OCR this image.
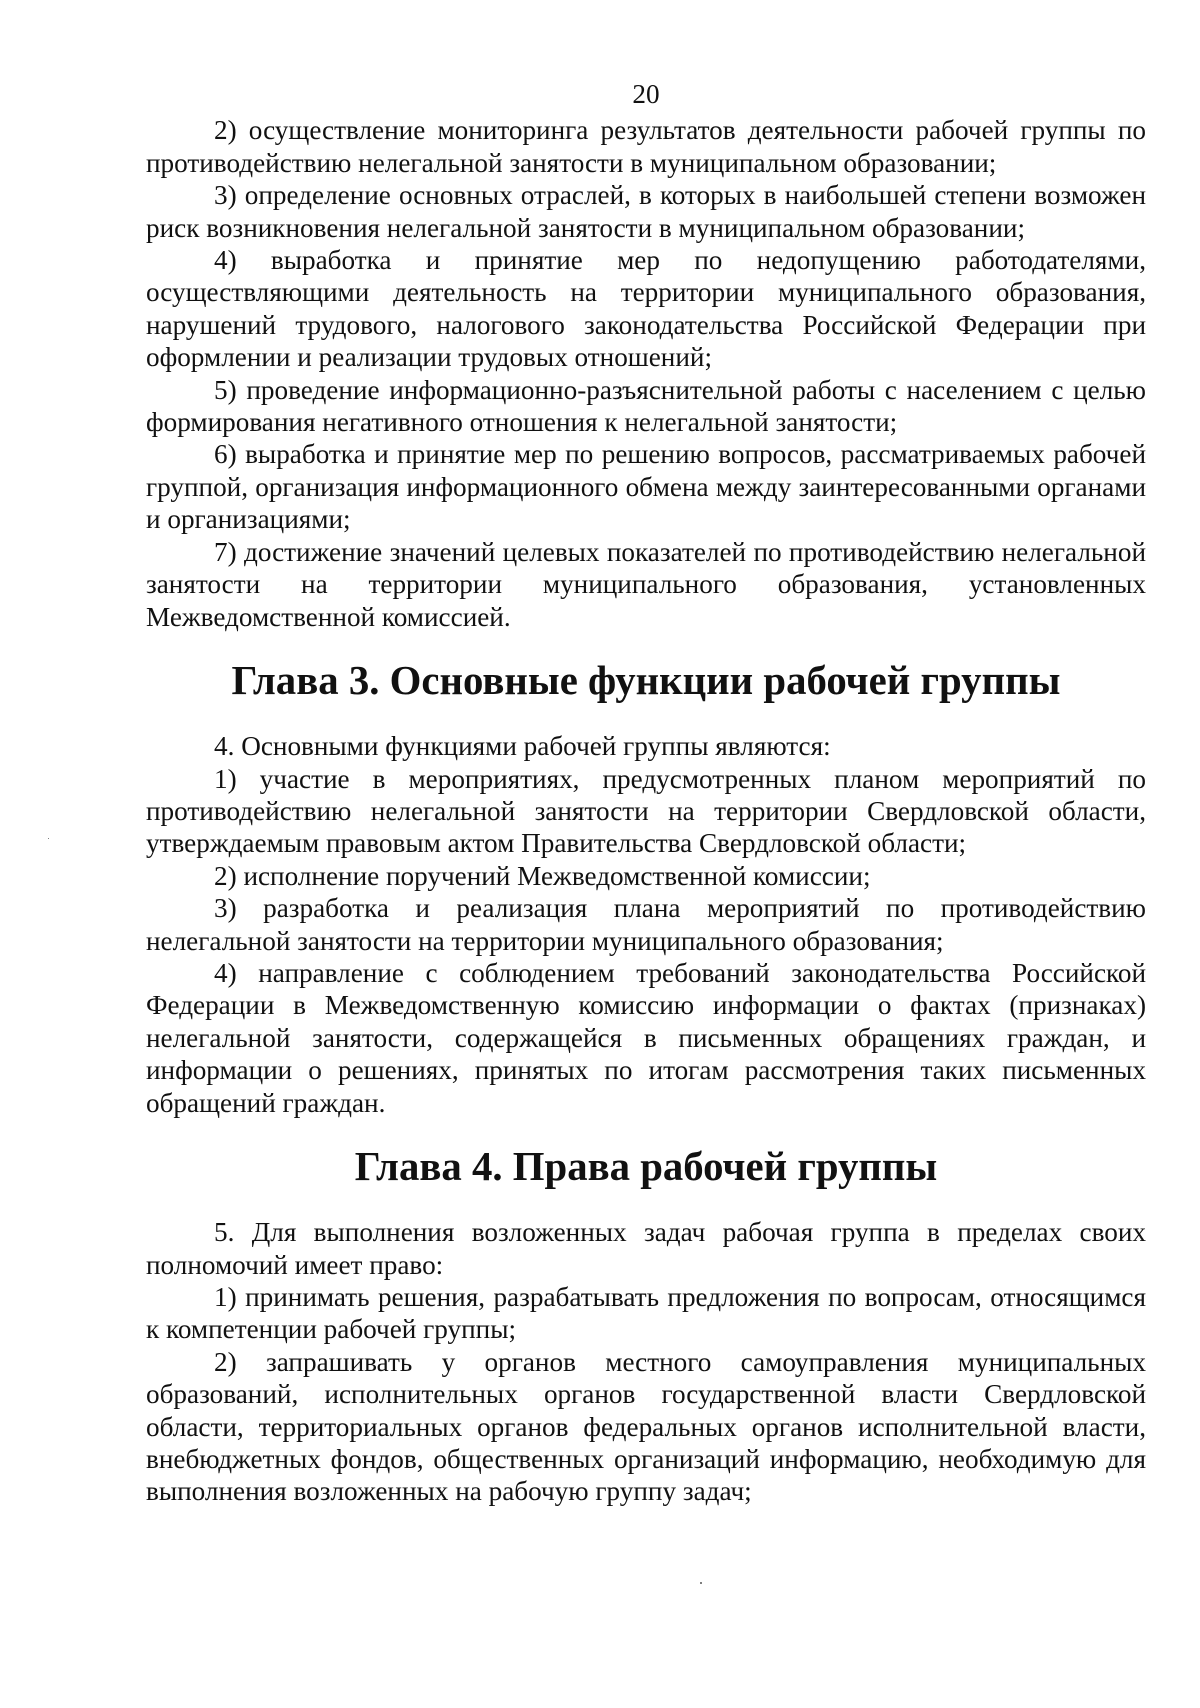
20

2) осуществление мониторинга результатов деятельности рабочей группы по противодействию нелегальной занятости в муниципальном образовании;

3) определение основных отраслей, в которых в наибольшей степени возможен риск возникновения нелегальной занятости в муниципальном образовании;

4) выработка и принятие мер по недопущению работодателями, осуществляющими деятельность на территории муниципального образования, нарушений трудового, налогового законодательства Российской Федерации при оформлении и реализации трудовых отношений;

5) проведение информационно-разъяснительной работы с населением с целью формирования негативного отношения к нелегальной занятости;

6) выработка и принятие мер по решению вопросов, рассматриваемых рабочей группой, организация информационного обмена между заинтересованными органами и организациями;

7) достижение значений целевых показателей по противодействию нелегальной занятости на территории муниципального образования, установленных Межведомственной комиссией.

Глава 3. Основные функции рабочей группы

4. Основными функциями рабочей группы являются:

1) участие в мероприятиях, предусмотренных планом мероприятий по противодействию нелегальной занятости на территории Свердловской области, утверждаемым правовым актом Правительства Свердловской области;

2) исполнение поручений Межведомственной комиссии;

3) разработка и реализация плана мероприятий по противодействию нелегальной занятости на территории муниципального образования;

4) направление с соблюдением требований законодательства Российской Федерации в Межведомственную комиссию информации о фактах (признаках) нелегальной занятости, содержащейся в письменных обращениях граждан, и информации о решениях, принятых по итогам рассмотрения таких письменных обращений граждан.

Глава 4. Права рабочей группы

5. Для выполнения возложенных задач рабочая группа в пределах своих полномочий имеет право:

1) принимать решения, разрабатывать предложения по вопросам, относящимся к компетенции рабочей группы;

2) запрашивать у органов местного самоуправления муниципальных образований, исполнительных органов государственной власти Свердловской области, территориальных органов федеральных органов исполнительной власти, внебюджетных фондов, общественных организаций информацию, необходимую для выполнения возложенных на рабочую группу задач;
